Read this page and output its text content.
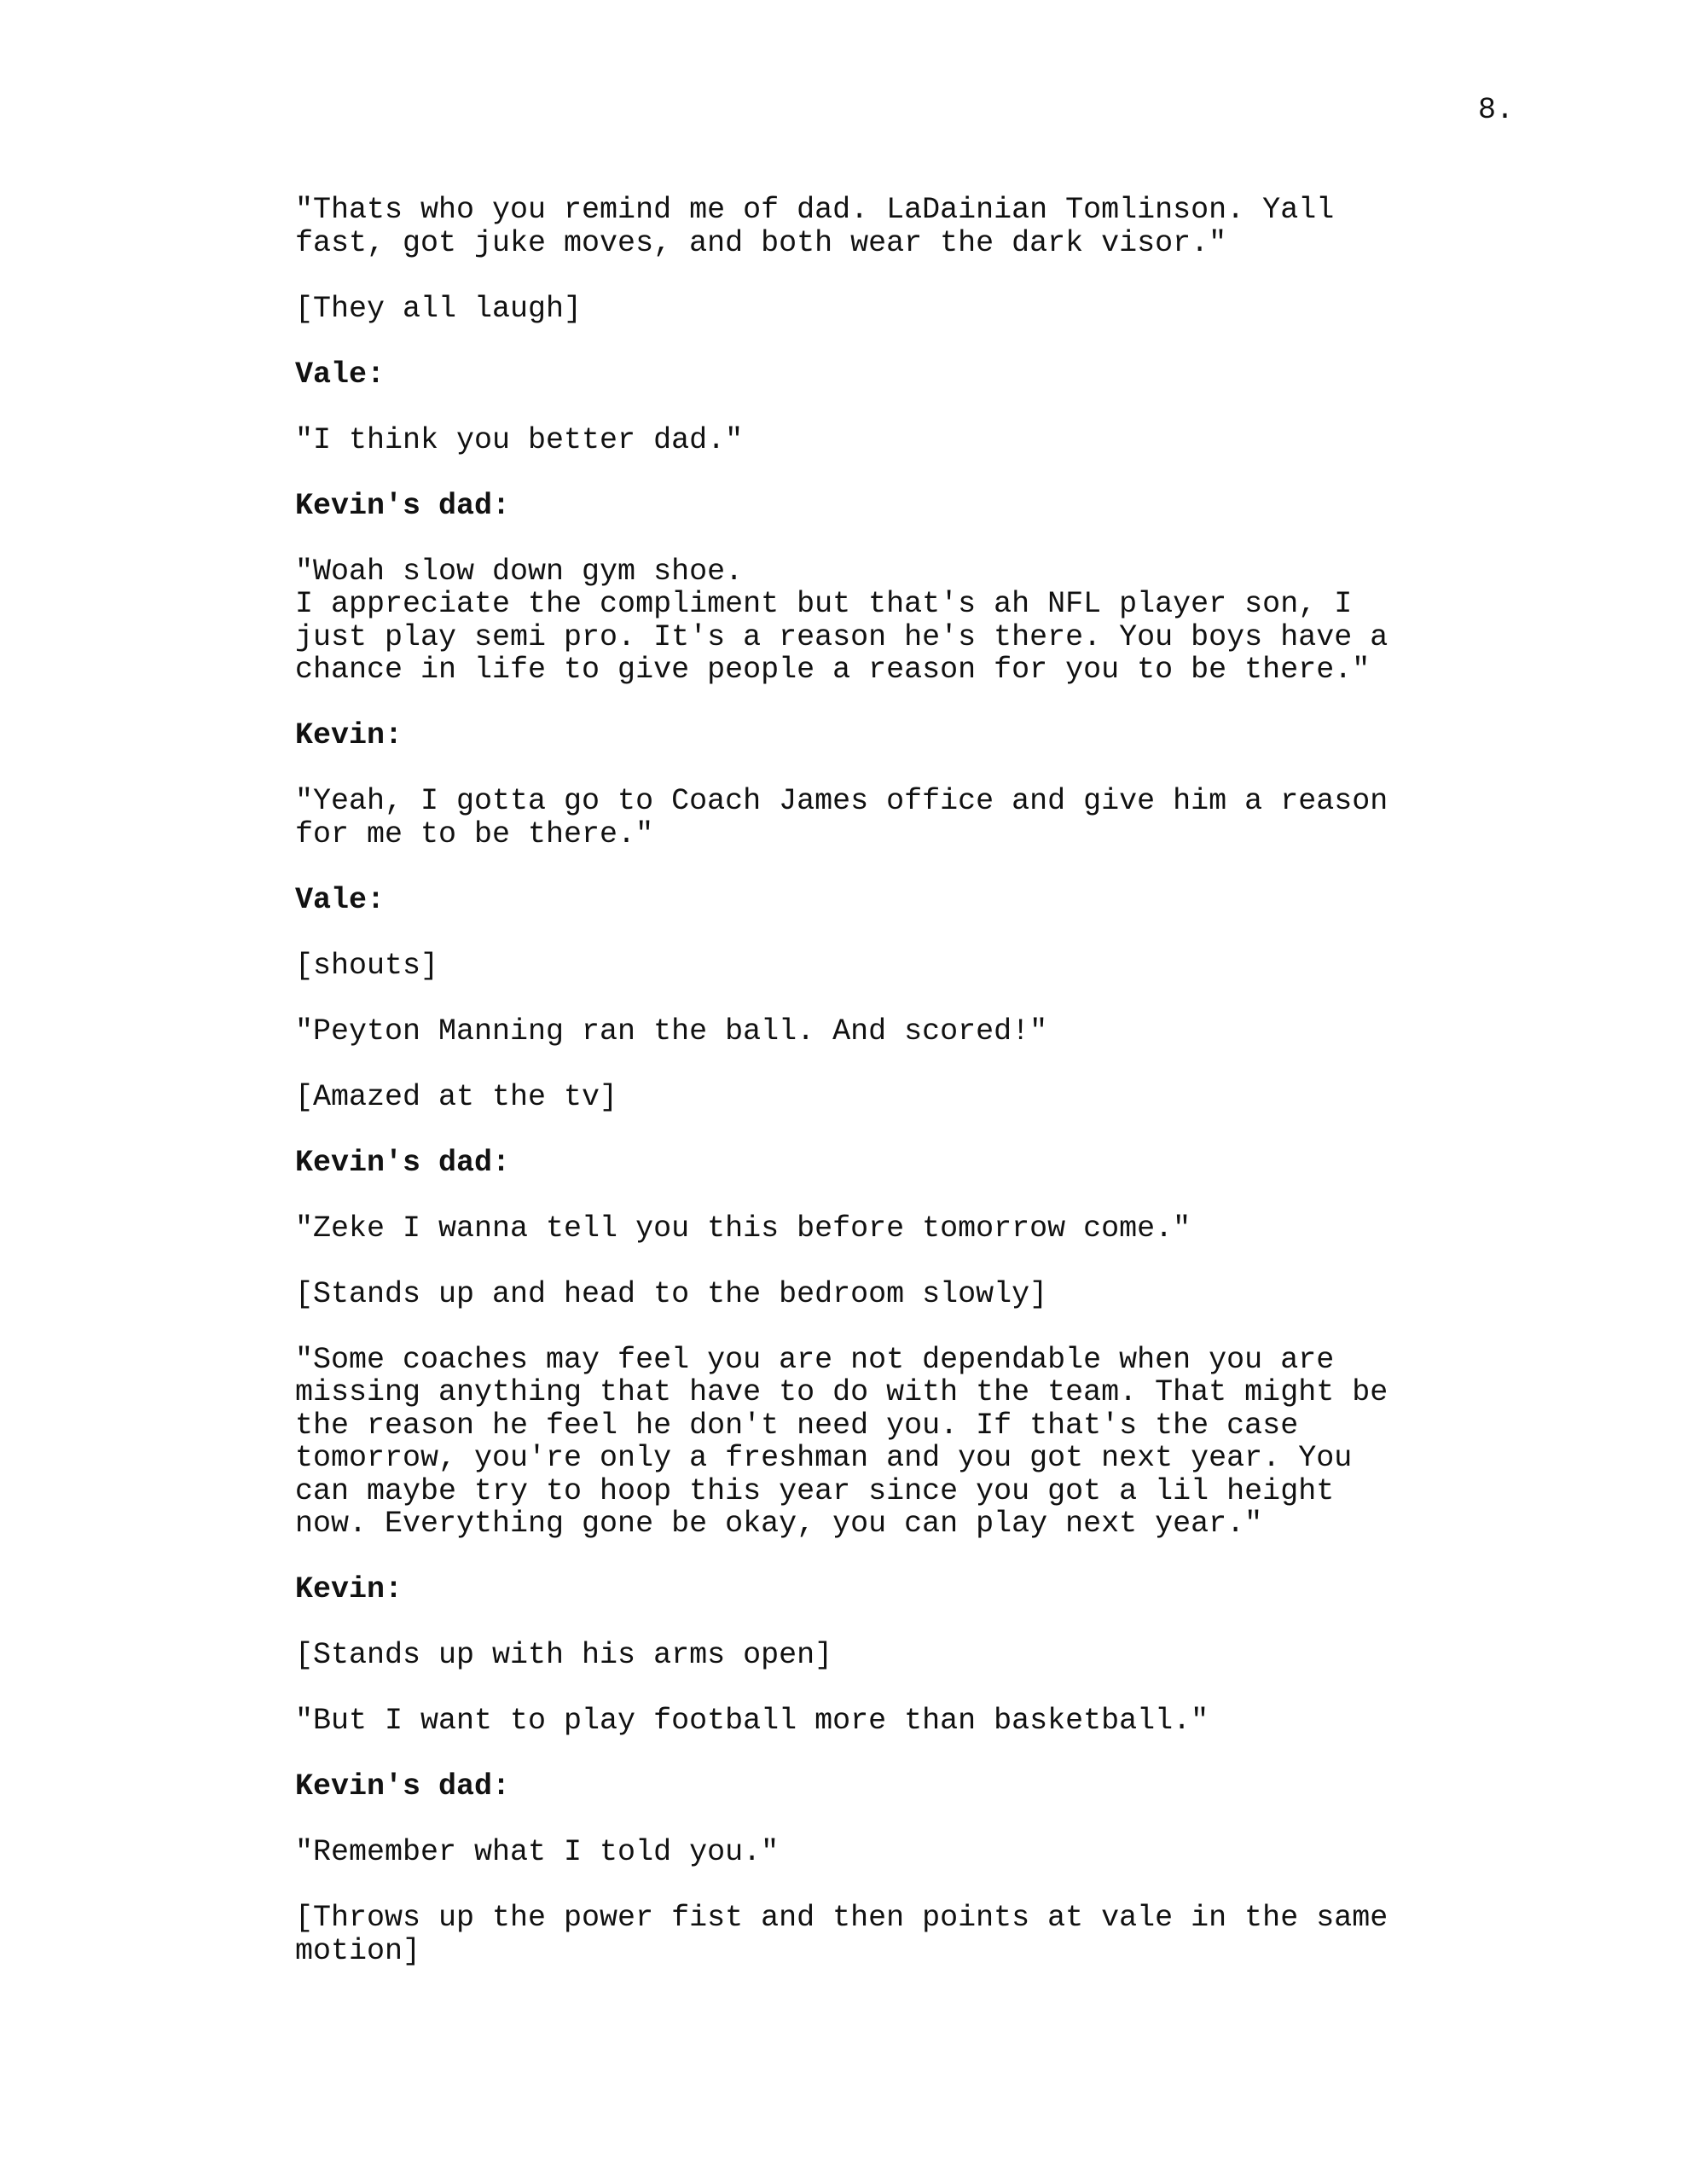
8.

"Thats who you remind me of dad. LaDainian Tomlinson. Yall
fast, got juke moves, and both wear the dark visor."

[They all laugh]

Vale:

"I think you better dad."

Kevin's dad:

"Woah slow down gym shoe.
I appreciate the compliment but that's ah NFL player son, I
just play semi pro. It's a reason he's there. You boys have a
chance in life to give people a reason for you to be there."

Kevin:

"Yeah, I gotta go to Coach James office and give him a reason
for me to be there."

Vale:

[shouts]

"Peyton Manning ran the ball. And scored!"

[Amazed at the tv]

Kevin's dad:

"Zeke I wanna tell you this before tomorrow come."

[Stands up and head to the bedroom slowly]

"Some coaches may feel you are not dependable when you are
missing anything that have to do with the team. That might be
the reason he feel he don't need you. If that's the case
tomorrow, you're only a freshman and you got next year. You
can maybe try to hoop this year since you got a lil height
now. Everything gone be okay, you can play next year."

Kevin:

[Stands up with his arms open]

"But I want to play football more than basketball."

Kevin's dad:

"Remember what I told you."

[Throws up the power fist and then points at vale in the same
motion]
